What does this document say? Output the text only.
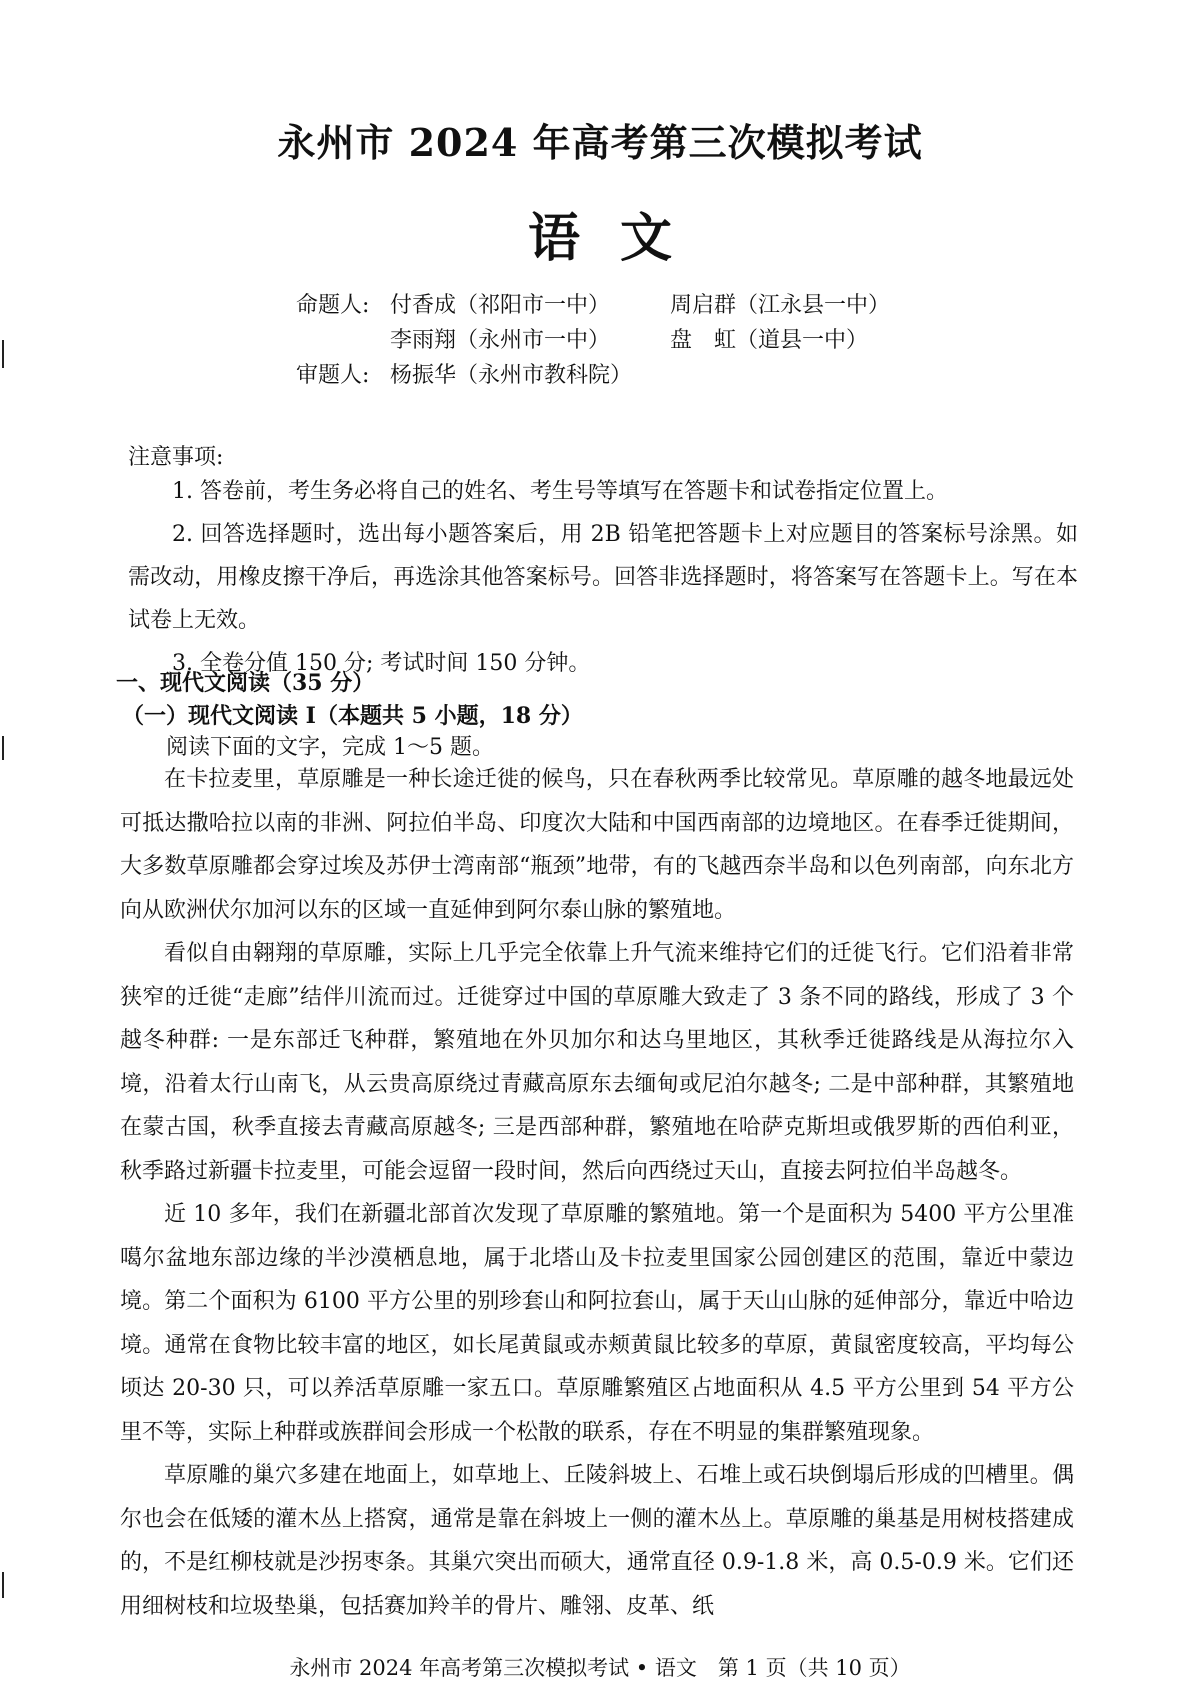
永州市 2024 年高考第三次模拟考试
语文
命题人: 付香成（祁阳市一中）	周启群（江永县一中）
李雨翔（永州市一中）	盘　虹（道县一中）
审题人: 杨振华（永州市教科院）
注意事项:

1. 答卷前，考生务必将自己的姓名、考生号等填写在答题卡和试卷指定位置上。

2. 回答选择题时，选出每小题答案后，用 2B 铅笔把答题卡上对应题目的答案标号涂黑。如需改动，用橡皮擦干净后，再选涂其他答案标号。回答非选择题时，将答案写在答题卡上。写在本试卷上无效。

3. 全卷分值 150 分; 考试时间 150 分钟。

一、现代文阅读（35 分）
（一）现代文阅读 I（本题共 5 小题，18 分）
阅读下面的文字，完成 1～5 题。

在卡拉麦里，草原雕是一种长途迁徙的候鸟，只在春秋两季比较常见。草原雕的越冬地最远处可抵达撒哈拉以南的非洲、阿拉伯半岛、印度次大陆和中国西南部的边境地区。在春季迁徙期间，大多数草原雕都会穿过埃及苏伊士湾南部“瓶颈”地带，有的飞越西奈半岛和以色列南部，向东北方向从欧洲伏尔加河以东的区域一直延伸到阿尔泰山脉的繁殖地。

看似自由翱翔的草原雕，实际上几乎完全依靠上升气流来维持它们的迁徙飞行。它们沿着非常狭窄的迁徙“走廊”结伴川流而过。迁徙穿过中国的草原雕大致走了 3 条不同的路线，形成了 3 个越冬种群: 一是东部迁飞种群，繁殖地在外贝加尔和达乌里地区，其秋季迁徙路线是从海拉尔入境，沿着太行山南飞，从云贵高原绕过青藏高原东去缅甸或尼泊尔越冬; 二是中部种群，其繁殖地在蒙古国，秋季直接去青藏高原越冬; 三是西部种群，繁殖地在哈萨克斯坦或俄罗斯的西伯利亚，秋季路过新疆卡拉麦里，可能会逗留一段时间，然后向西绕过天山，直接去阿拉伯半岛越冬。

近 10 多年，我们在新疆北部首次发现了草原雕的繁殖地。第一个是面积为 5400 平方公里准噶尔盆地东部边缘的半沙漠栖息地，属于北塔山及卡拉麦里国家公园创建区的范围，靠近中蒙边境。第二个面积为 6100 平方公里的别珍套山和阿拉套山，属于天山山脉的延伸部分，靠近中哈边境。通常在食物比较丰富的地区，如长尾黄鼠或赤颊黄鼠比较多的草原，黄鼠密度较高，平均每公顷达 20-30 只，可以养活草原雕一家五口。草原雕繁殖区占地面积从 4.5 平方公里到 54 平方公里不等，实际上种群或族群间会形成一个松散的联系，存在不明显的集群繁殖现象。

草原雕的巢穴多建在地面上，如草地上、丘陵斜坡上、石堆上或石块倒塌后形成的凹槽里。偶尔也会在低矮的灌木丛上搭窝，通常是靠在斜坡上一侧的灌木丛上。草原雕的巢基是用树枝搭建成的，不是红柳枝就是沙拐枣条。其巢穴突出而硕大，通常直径 0.9-1.8 米，高 0.5-0.9 米。它们还用细树枝和垃圾垫巢，包括赛加羚羊的骨片、雕翎、皮革、纸

永州市 2024 年高考第三次模拟考试 • 语文　第 1 页（共 10 页）
